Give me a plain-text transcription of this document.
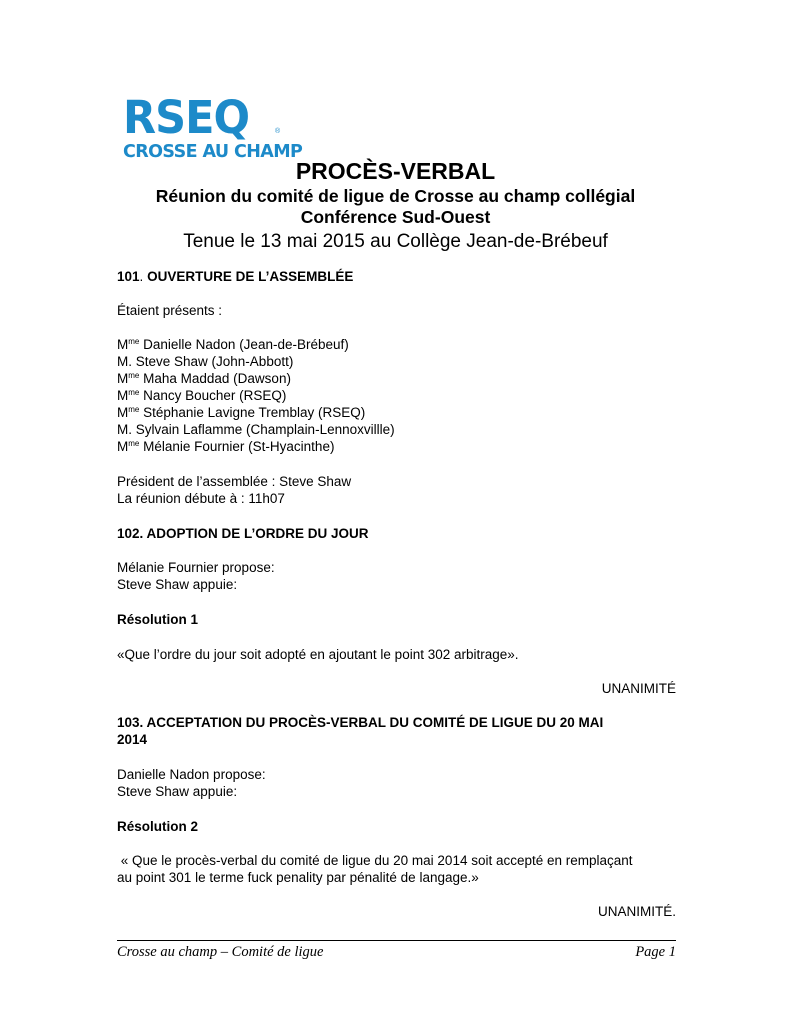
RSEQ	®
CROSSE AU CHAMP
PROCÈS-VERBAL
Réunion du comité de ligue de Crosse au champ collégial
Conférence Sud-Ouest
Tenue le 13 mai 2015 au Collège Jean-de-Brébeuf
101. OUVERTURE DE L’ASSEMBLÉE
Étaient présents :
$M^{me}$ Danielle Nadon (Jean-de-Brébeuf)
M. Steve Shaw (John-Abbott)
$M^{me}$ Maha Maddad (Dawson)
$M^{me}$ Nancy Boucher (RSEQ)
$M^{me}$ Stéphanie Lavigne Tremblay (RSEQ)
M. Sylvain Laflamme (Champlain-Lennoxvillle)
$M^{me}$ Mélanie Fournier (St-Hyacinthe)
Président de l’assemblée : Steve Shaw
La réunion débute à : 11h07
102. ADOPTION DE L’ORDRE DU JOUR
Mélanie Fournier propose:
Steve Shaw appuie:
Résolution 1
«Que l’ordre du jour soit adopté en ajoutant le point 302 arbitrage».
UNANIMITÉ
103. ACCEPTATION DU PROCÈS-VERBAL DU COMITÉ DE LIGUE DU 20 MAI
2014
Danielle Nadon propose:
Steve Shaw appuie:
Résolution 2
« Que le procès-verbal du comité de ligue du 20 mai 2014 soit accepté en remplaçant
au point 301 le terme fuck penality par pénalité de langage.»
UNANIMITÉ.
Crosse au champ – Comité de ligue	Page 1
